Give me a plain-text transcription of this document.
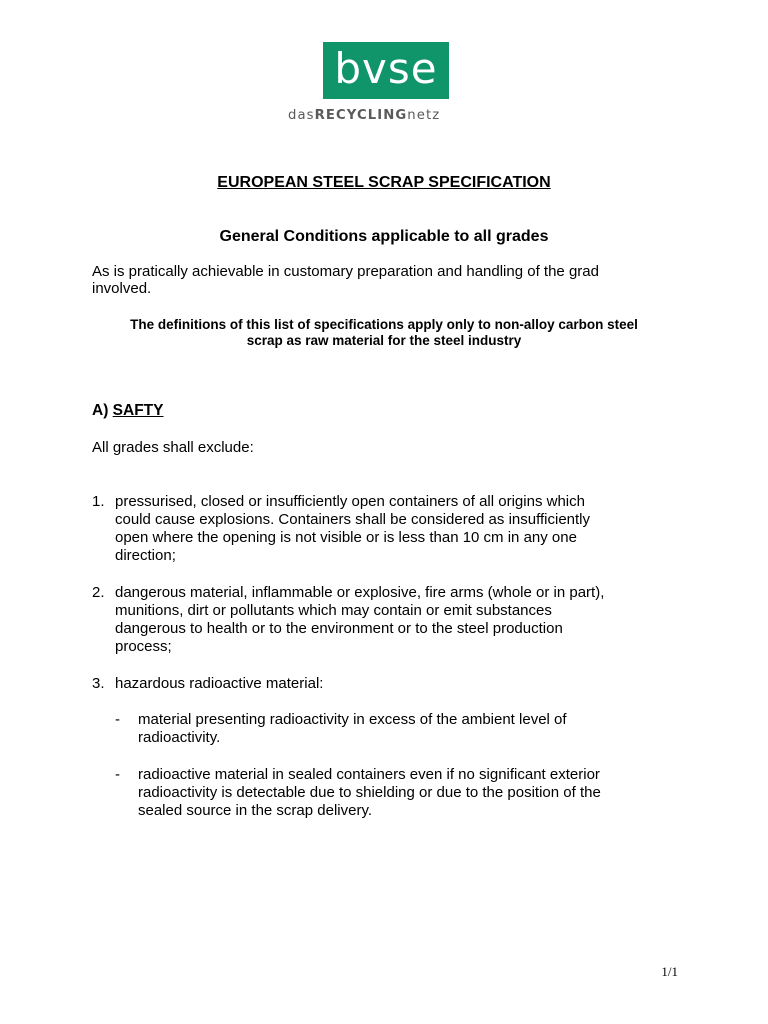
bvse
dasRECYCLINGnetz
EUROPEAN STEEL SCRAP SPECIFICATION
General Conditions applicable to all grades
As is pratically achievable in customary preparation and handling of the grad
involved.
The definitions of this list of specifications apply only to non-alloy carbon steel
scrap as raw material for the steel industry
A) SAFTY
All grades shall exclude:
1. pressurised, closed or insufficiently open containers of all origins which
could cause explosions. Containers shall be considered as insufficiently
open where the opening is not visible or is less than 10 cm in any one
direction;
2. dangerous material, inflammable or explosive, fire arms (whole or in part),
munitions, dirt or pollutants which may contain or emit substances
dangerous to health or to the environment or to the steel production
process;
3. hazardous radioactive material:
- material presenting radioactivity in excess of the ambient level of
radioactivity.
- radioactive material in sealed containers even if no significant exterior
radioactivity is detectable due to shielding or due to the position of the
sealed source in the scrap delivery.
1/1
